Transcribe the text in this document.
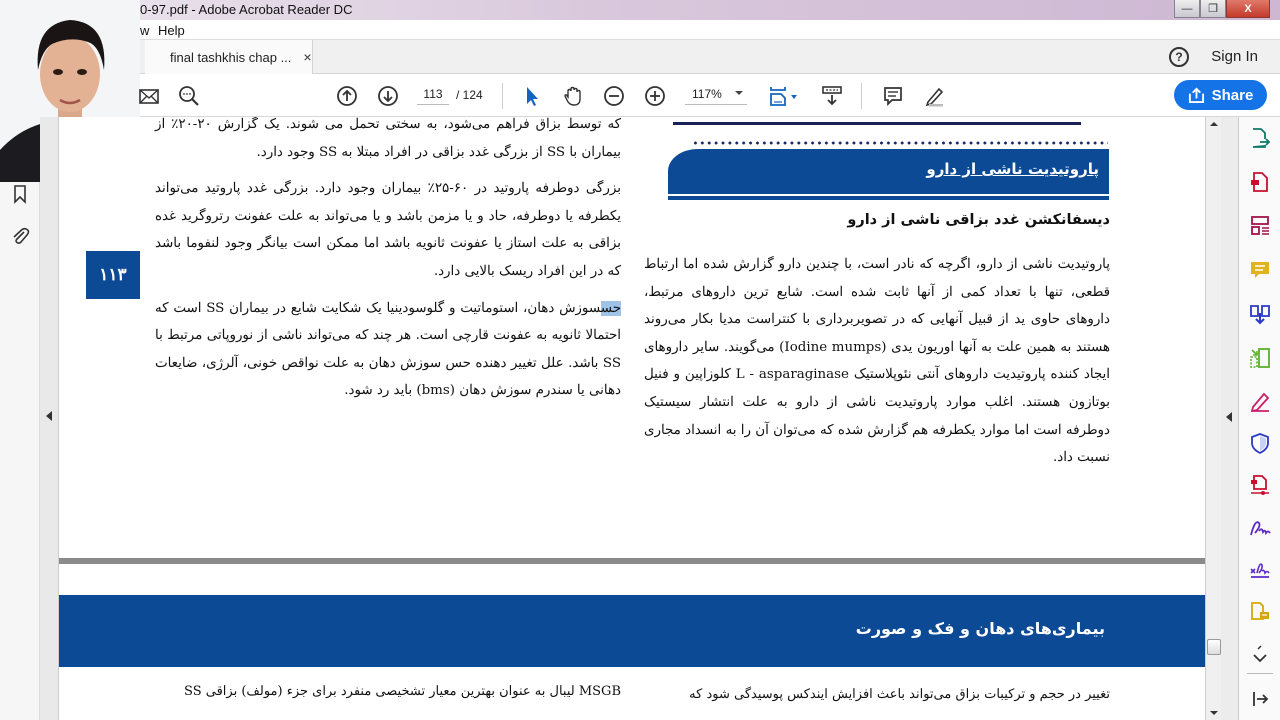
0-97.pdf - Adobe Acrobat Reader DC	—	❐	X
w Help
final tashkhis chap ... ×	?	Sign In
113	/ 124	117%	Share
۱۱۳

که توسط بزاق فراهم می‌شود، به سختی تحمل می شوند. یک گزارش ۲۰-۲۰٪ از بیماران با SS از بزرگی غدد بزاقی در افراد مبتلا به SS وجود دارد.

بزرگی دوطرفه پاروتید در ۶۰-۲۵٪ بیماران وجود دارد. بزرگی غدد پاروتید می‌تواند یکطرفه یا دوطرفه، حاد و یا مزمن باشد و یا می‌تواند به علت عفونت رتروگرید غده بزاقی به علت استاز یا عفونت ثانویه باشد اما ممکن است بیانگر وجود لنفوما باشد که در این افراد ریسک بالایی دارد.

حسسوزش دهان، استوماتیت و گلوسودینیا یک شکایت شایع در بیماران SS است که احتمالا ثانویه به عفونت قارچی است. هر چند که می‌تواند ناشی از نوروپاتی مرتبط با SS باشد. علل تغییر دهنده حس سوزش دهان به علت نواقص خونی، آلرژی، ضایعات دهانی یا سندرم سوزش دهان (bms) باید رد شود.

پاروتیدیت ناشی از دارو
دیسفانکشن غدد بزاقی ناشی از دارو

پاروتیدیت ناشی از دارو، اگرچه که نادر است، با چندین دارو گزارش شده اما ارتباط قطعی، تنها با تعداد کمی از آنها ثابت شده است. شایع ترین داروهای مرتبط، داروهای حاوی ید از قبیل آنهایی که در تصویربرداری با کنتراست مدیا بکار می‌روند هستند به همین علت به آنها اوریون یدی (Iodine mumps) می‌گویند. سایر داروهای ایجاد کننده پاروتیدیت داروهای آنتی نئوپلاستیک L - asparaginase کلوزاپین و فنیل بوتازون هستند. اغلب موارد پاروتیدیت ناشی از دارو به علت انتشار سیستیک دوطرفه است اما موارد یکطرفه هم گزارش شده که می‌توان آن را به انسداد مجاری نسبت داد.

بیماری‌های دهان و فک و صورت
MSGB لیبال به عنوان بهترین معیار تشخیصی منفرد برای جزء (مولف) بزاقی SS	تغییر در حجم و ترکیبات بزاق می‌تواند باعث افزایش ایندکس پوسیدگی شود که
